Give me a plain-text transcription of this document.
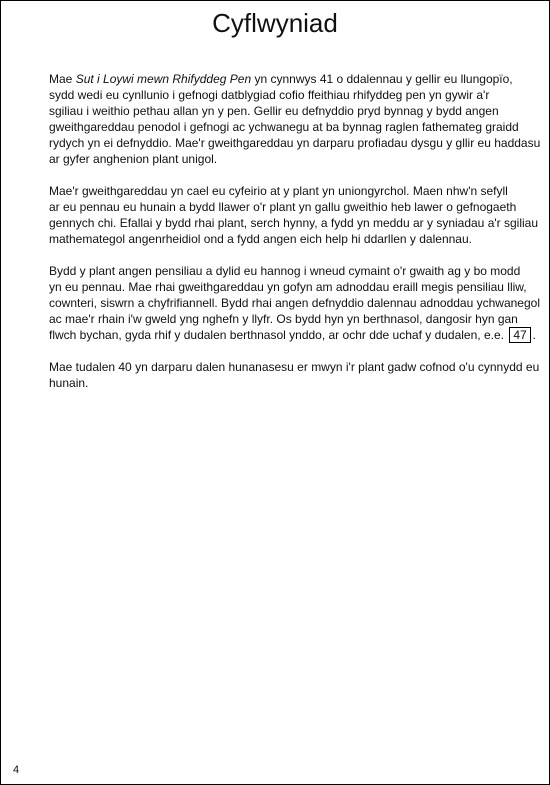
Cyflwyniad

Mae Sut i Loywi mewn Rhifyddeg Pen yn cynnwys 41 o ddalennau y gellir eu llungopïo,
sydd wedi eu cynllunio i gefnogi datblygiad cofio ffeithiau rhifyddeg pen yn gywir a'r
sgiliau i weithio pethau allan yn y pen. Gellir eu defnyddio pryd bynnag y bydd angen
gweithgareddau penodol i gefnogi ac ychwanegu at ba bynnag raglen fathemateg graidd
rydych yn ei defnyddio. Mae'r gweithgareddau yn darparu profiadau dysgu y gllir eu haddasu
ar gyfer anghenion plant unigol.

Mae'r gweithgareddau yn cael eu cyfeirio at y plant yn uniongyrchol. Maen nhw'n sefyll
ar eu pennau eu hunain a bydd llawer o'r plant yn gallu gweithio heb lawer o gefnogaeth
gennych chi. Efallai y bydd rhai plant, serch hynny, a fydd yn meddu ar y syniadau a'r sgiliau
mathemategol angenrheidiol ond a fydd angen eich help hi ddarllen y dalennau.

Bydd y plant angen pensiliau a dylid eu hannog i wneud cymaint o'r gwaith ag y bo modd
yn eu pennau. Mae rhai gweithgareddau yn gofyn am adnoddau eraill megis pensiliau lliw,
cownteri, siswrn a chyfrifiannell. Bydd rhai angen defnyddio dalennau adnoddau ychwanegol
ac mae'r rhain i'w gweld yng nghefn y llyfr. Os bydd hyn yn berthnasol, dangosir hyn gan
flwch bychan, gyda rhif y dudalen berthnasol ynddo, ar ochr dde uchaf y dudalen, e.e. 47 .

Mae tudalen 40 yn darparu dalen hunanasesu er mwyn i'r plant gadw cofnod o'u cynnydd eu
hunain.

4
